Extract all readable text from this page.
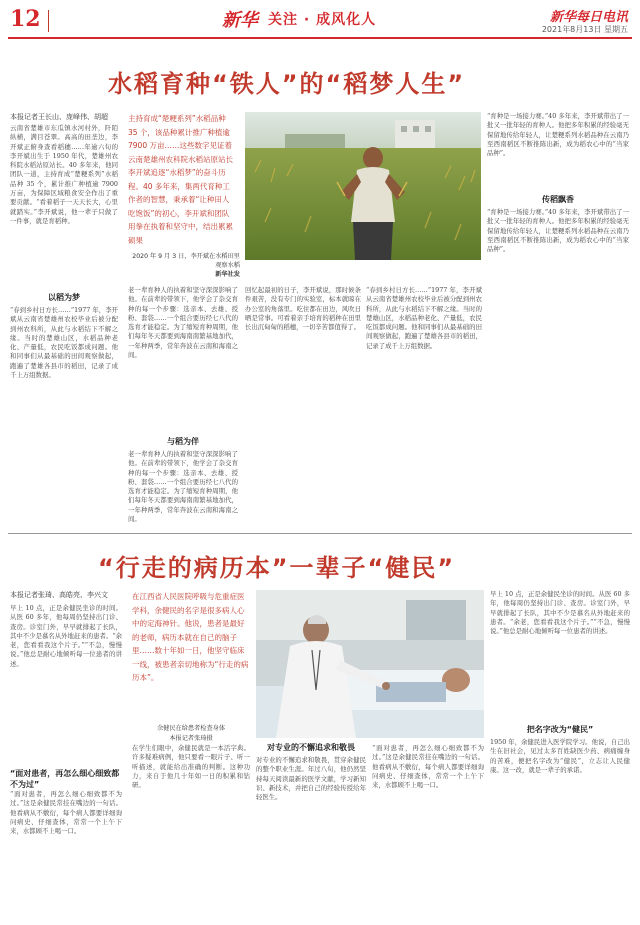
12	新华 关注 · 成风化人	新华每日电讯
2021年8月13日 星期五
水稻育种“铁人”的“稻梦人生”
本报记者王长山、庞峰伟、胡超
云南省楚雄市东瓜镇水河村外，阡陌纵横，满目苍翠。高高的田垄边，李开斌正俯身查看稻穗……年逾六旬的李开斌出生于 1950 年代，楚雄州农科院水稻站原站长。40 多年来，他同团队一道，主持育成“楚粳系列”水稻品种 35 个，累计推广种植逾 7900 万亩，为保障区域粮食安全作出了重要贡献。“看着稻子一天天长大，心里就踏实。”李开斌说，他一辈子只做了一件事，就是育稻种。
以稻为梦
“春到乡村日方长……”1977 年，李开斌从云南省楚雄州农校毕业后被分配到州农科所，从此与水稻结下不解之缘。当时的楚雄山区，水稻品种老化、产量低，农民吃饭都成问题。他和同事们从最基础的田间观察做起，跑遍了楚雄各县市的稻田，记录了成千上万组数据。
主持育成“楚粳系列”水稻品种 35 个，该品种累计推广种植逾 7900 万亩……这些数字见证着云南楚雄州农科院水稻站原站长李开斌追逐“水稻梦”的奋斗历程。40 多年来，集两代育种工作者的智慧，秉承着“让种田人吃饱饭”的初心，李开斌和团队用拳在执着和坚守中，结出累累硕果
2020 年 9 月 3 日，李开斌在水稻田里观察水稻
新华社发
“育种是一场接力赛。”40 多年来，李开斌带出了一批又一批年轻的育种人。他把多年积累的经验毫无保留地传给年轻人，让楚粳系列水稻品种在云南乃至西南稻区不断推陈出新，成为稻农心中的“当家品种”。
传稻飘香
“育种是一场接力赛。”40 多年来，李开斌带出了一批又一批年轻的育种人。他把多年积累的经验毫无保留地传给年轻人，让楚粳系列水稻品种在云南乃至西南稻区不断推陈出新，成为稻农心中的“当家品种”。
老一辈育种人的执着和坚守深深影响了他。在前辈的带领下，他学会了杂交育种的每一个步骤：选亲本、去雄、授粉、套袋……一个组合要历经七八代的选育才能稳定。为了缩短育种周期，他们每年冬天都要到海南南繁基地加代，一年种两季，常年奔波在云南和海南之间。
与稻为伴
老一辈育种人的执着和坚守深深影响了他。在前辈的带领下，他学会了杂交育种的每一个步骤：选亲本、去雄、授粉、套袋……一个组合要历经七八代的选育才能稳定。为了缩短育种周期，他们每年冬天都要到海南南繁基地加代，一年种两季，常年奔波在云南和海南之间。
回忆起最初的日子，李开斌说，那时候条件艰苦，没有专门的实验室，标本就晾在办公室的角落里。吃住都在田边，风吹日晒是常事。可看着亲手培育的稻种在田里长出沉甸甸的稻穗，一切辛苦都值得了。
“春到乡村日方长……”1977 年，李开斌从云南省楚雄州农校毕业后被分配到州农科所，从此与水稻结下不解之缘。当时的楚雄山区，水稻品种老化、产量低，农民吃饭都成问题。他和同事们从最基础的田间观察做起，跑遍了楚雄各县市的稻田，记录了成千上万组数据。
“行走的病历本”一辈子“健民”
本报记者张琦、高皓亮、李兴文
早上 10 点，正是余健民坐诊的时间。从医 60 多年，他每周仍坚持出门诊、查房。诊室门外，早早就排起了长队，其中不少是慕名从外地赶来的患者。“余老，您看看我这个片子。”“不急，慢慢说。”他总是耐心地倾听每一位患者的讲述。
“面对患者，再怎么细心细致都不为过”
“面对患者，再怎么细心细致都不为过。”这是余健民常挂在嘴边的一句话。他看病从不敷衍，每个病人都要详细询问病史、仔细查体，常常一个上午下来，水都顾不上喝一口。
在江西省人民医院呼吸与危重症医学科，余健民的名字是很多病人心中的定海神针。他说，患者是最好的老师，病历本就在自己的脑子里……数十年如一日，他坚守临床一线，被患者亲切地称为“行走的病历本”。
余健民在给患者检查身体
本报记者张琦摄
在学生们眼中，余健民就是一本活字典。许多疑难病例，他只要看一眼片子、听一听描述，就能给出准确的判断。这种功力，来自于他几十年如一日的积累和钻研。
对专业的不懈追求和敬畏
对专业的不懈追求和敬畏，贯穿余健民的整个职业生涯。年过八旬，他仍然坚持每天阅读最新的医学文献，学习新知识、新技术，并把自己的经验传授给年轻医生。
“面对患者，再怎么细心细致都不为过。”这是余健民常挂在嘴边的一句话。他看病从不敷衍，每个病人都要详细询问病史、仔细查体，常常一个上午下来，水都顾不上喝一口。
早上 10 点，正是余健民坐诊的时间。从医 60 多年，他每周仍坚持出门诊、查房。诊室门外，早早就排起了长队，其中不少是慕名从外地赶来的患者。“余老，您看看我这个片子。”“不急，慢慢说。”他总是耐心地倾听每一位患者的讲述。
把名字改为“健民”
1950 年，余健民进入医学院学习。他说，自己出生在旧社会，见过太多百姓缺医少药、病痛缠身的苦难，便把名字改为“健民”，立志让人民健康。这一改，就是一辈子的承诺。
